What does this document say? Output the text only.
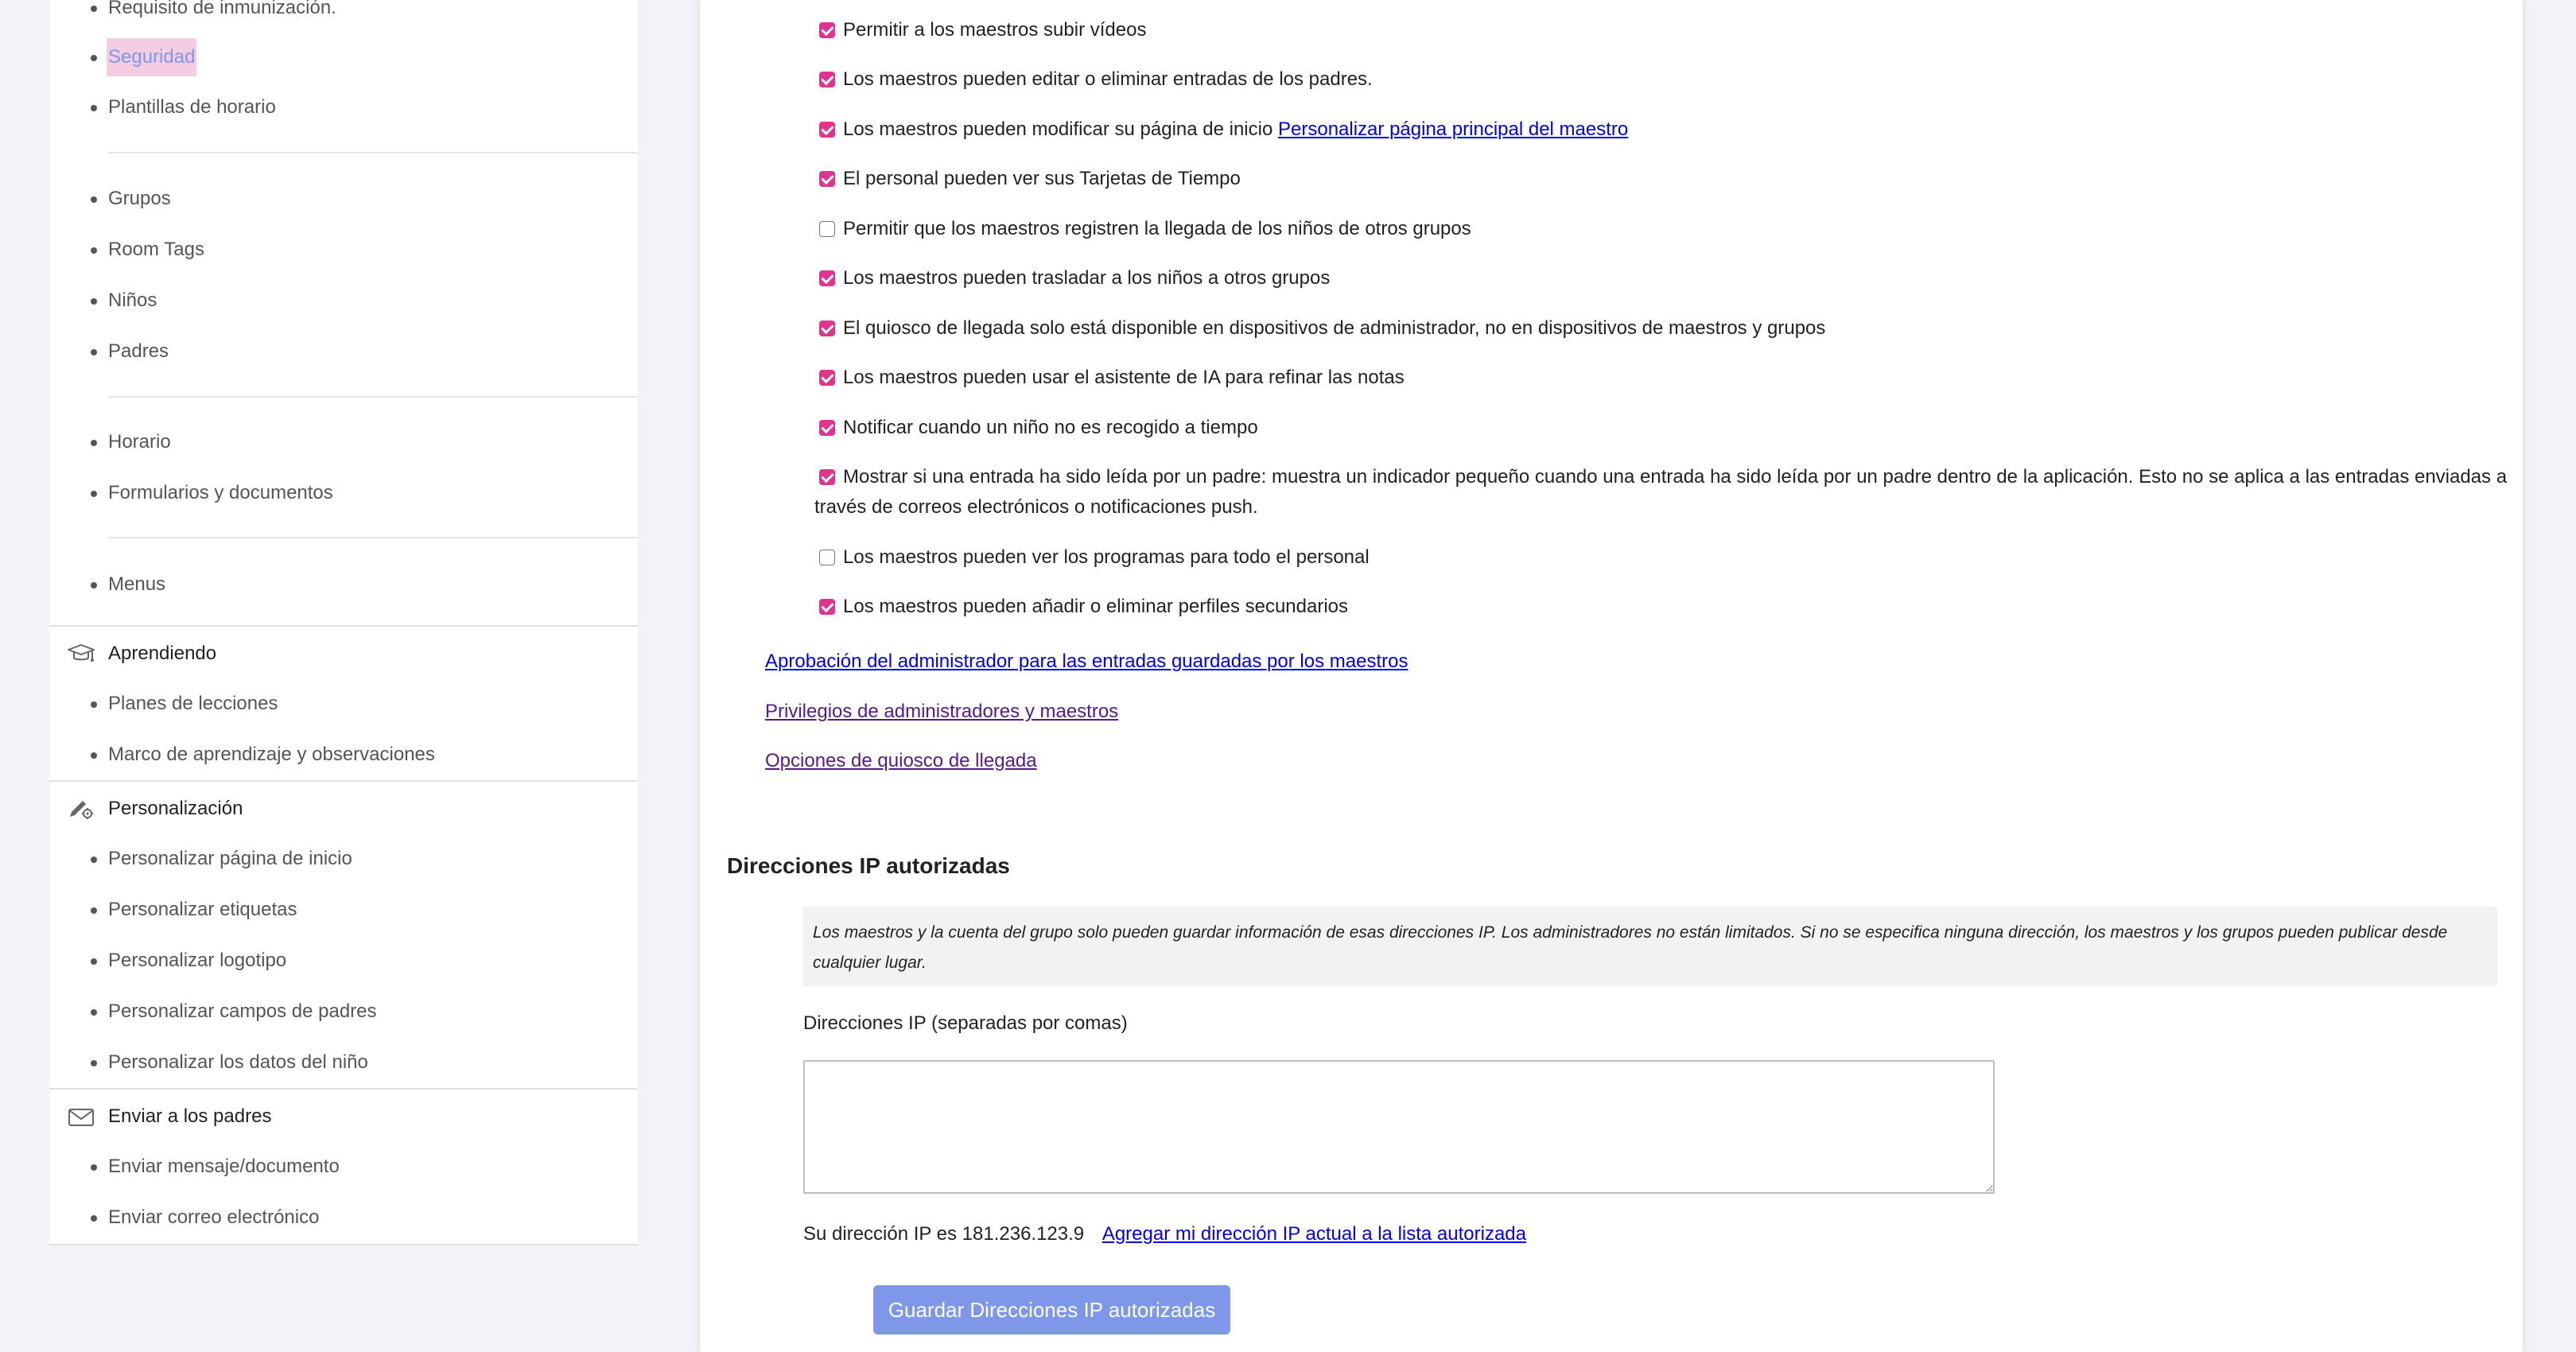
Requisito de inmunización.
Seguridad
Plantillas de horario
Grupos
Room Tags
Niños
Padres
Horario
Formularios y documentos
Menus
Aprendiendo
Planes de lecciones
Marco de aprendizaje y observaciones
Personalización
Personalizar página de inicio
Personalizar etiquetas
Personalizar logotipo
Personalizar campos de padres
Personalizar los datos del niño
Enviar a los padres
Enviar mensaje/documento
Enviar correo electrónico
Permitir a los maestros subir vídeos
Los maestros pueden editar o eliminar entradas de los padres.
Los maestros pueden modificar su página de inicio Personalizar página principal del maestro
El personal pueden ver sus Tarjetas de Tiempo
Permitir que los maestros registren la llegada de los niños de otros grupos
Los maestros pueden trasladar a los niños a otros grupos
El quiosco de llegada solo está disponible en dispositivos de administrador, no en dispositivos de maestros y grupos
Los maestros pueden usar el asistente de IA para refinar las notas
Notificar cuando un niño no es recogido a tiempo
Mostrar si una entrada ha sido leída por un padre: muestra un indicador pequeño cuando una entrada ha sido leída por un padre dentro de la aplicación. Esto no se aplica a las entradas enviadas a través de correos electrónicos o notificaciones push.
Los maestros pueden ver los programas para todo el personal
Los maestros pueden añadir o eliminar perfiles secundarios
Aprobación del administrador para las entradas guardadas por los maestros
Privilegios de administradores y maestros
Opciones de quiosco de llegada
Direcciones IP autorizadas
Los maestros y la cuenta del grupo solo pueden guardar información de esas direcciones IP. Los administradores no están limitados. Si no se especifica ninguna dirección, los maestros y los grupos pueden publicar desde cualquier lugar.
Direcciones IP (separadas por comas)
Su dirección IP es 181.236.123.9 Agregar mi dirección IP actual a la lista autorizada
Guardar Direcciones IP autorizadas
